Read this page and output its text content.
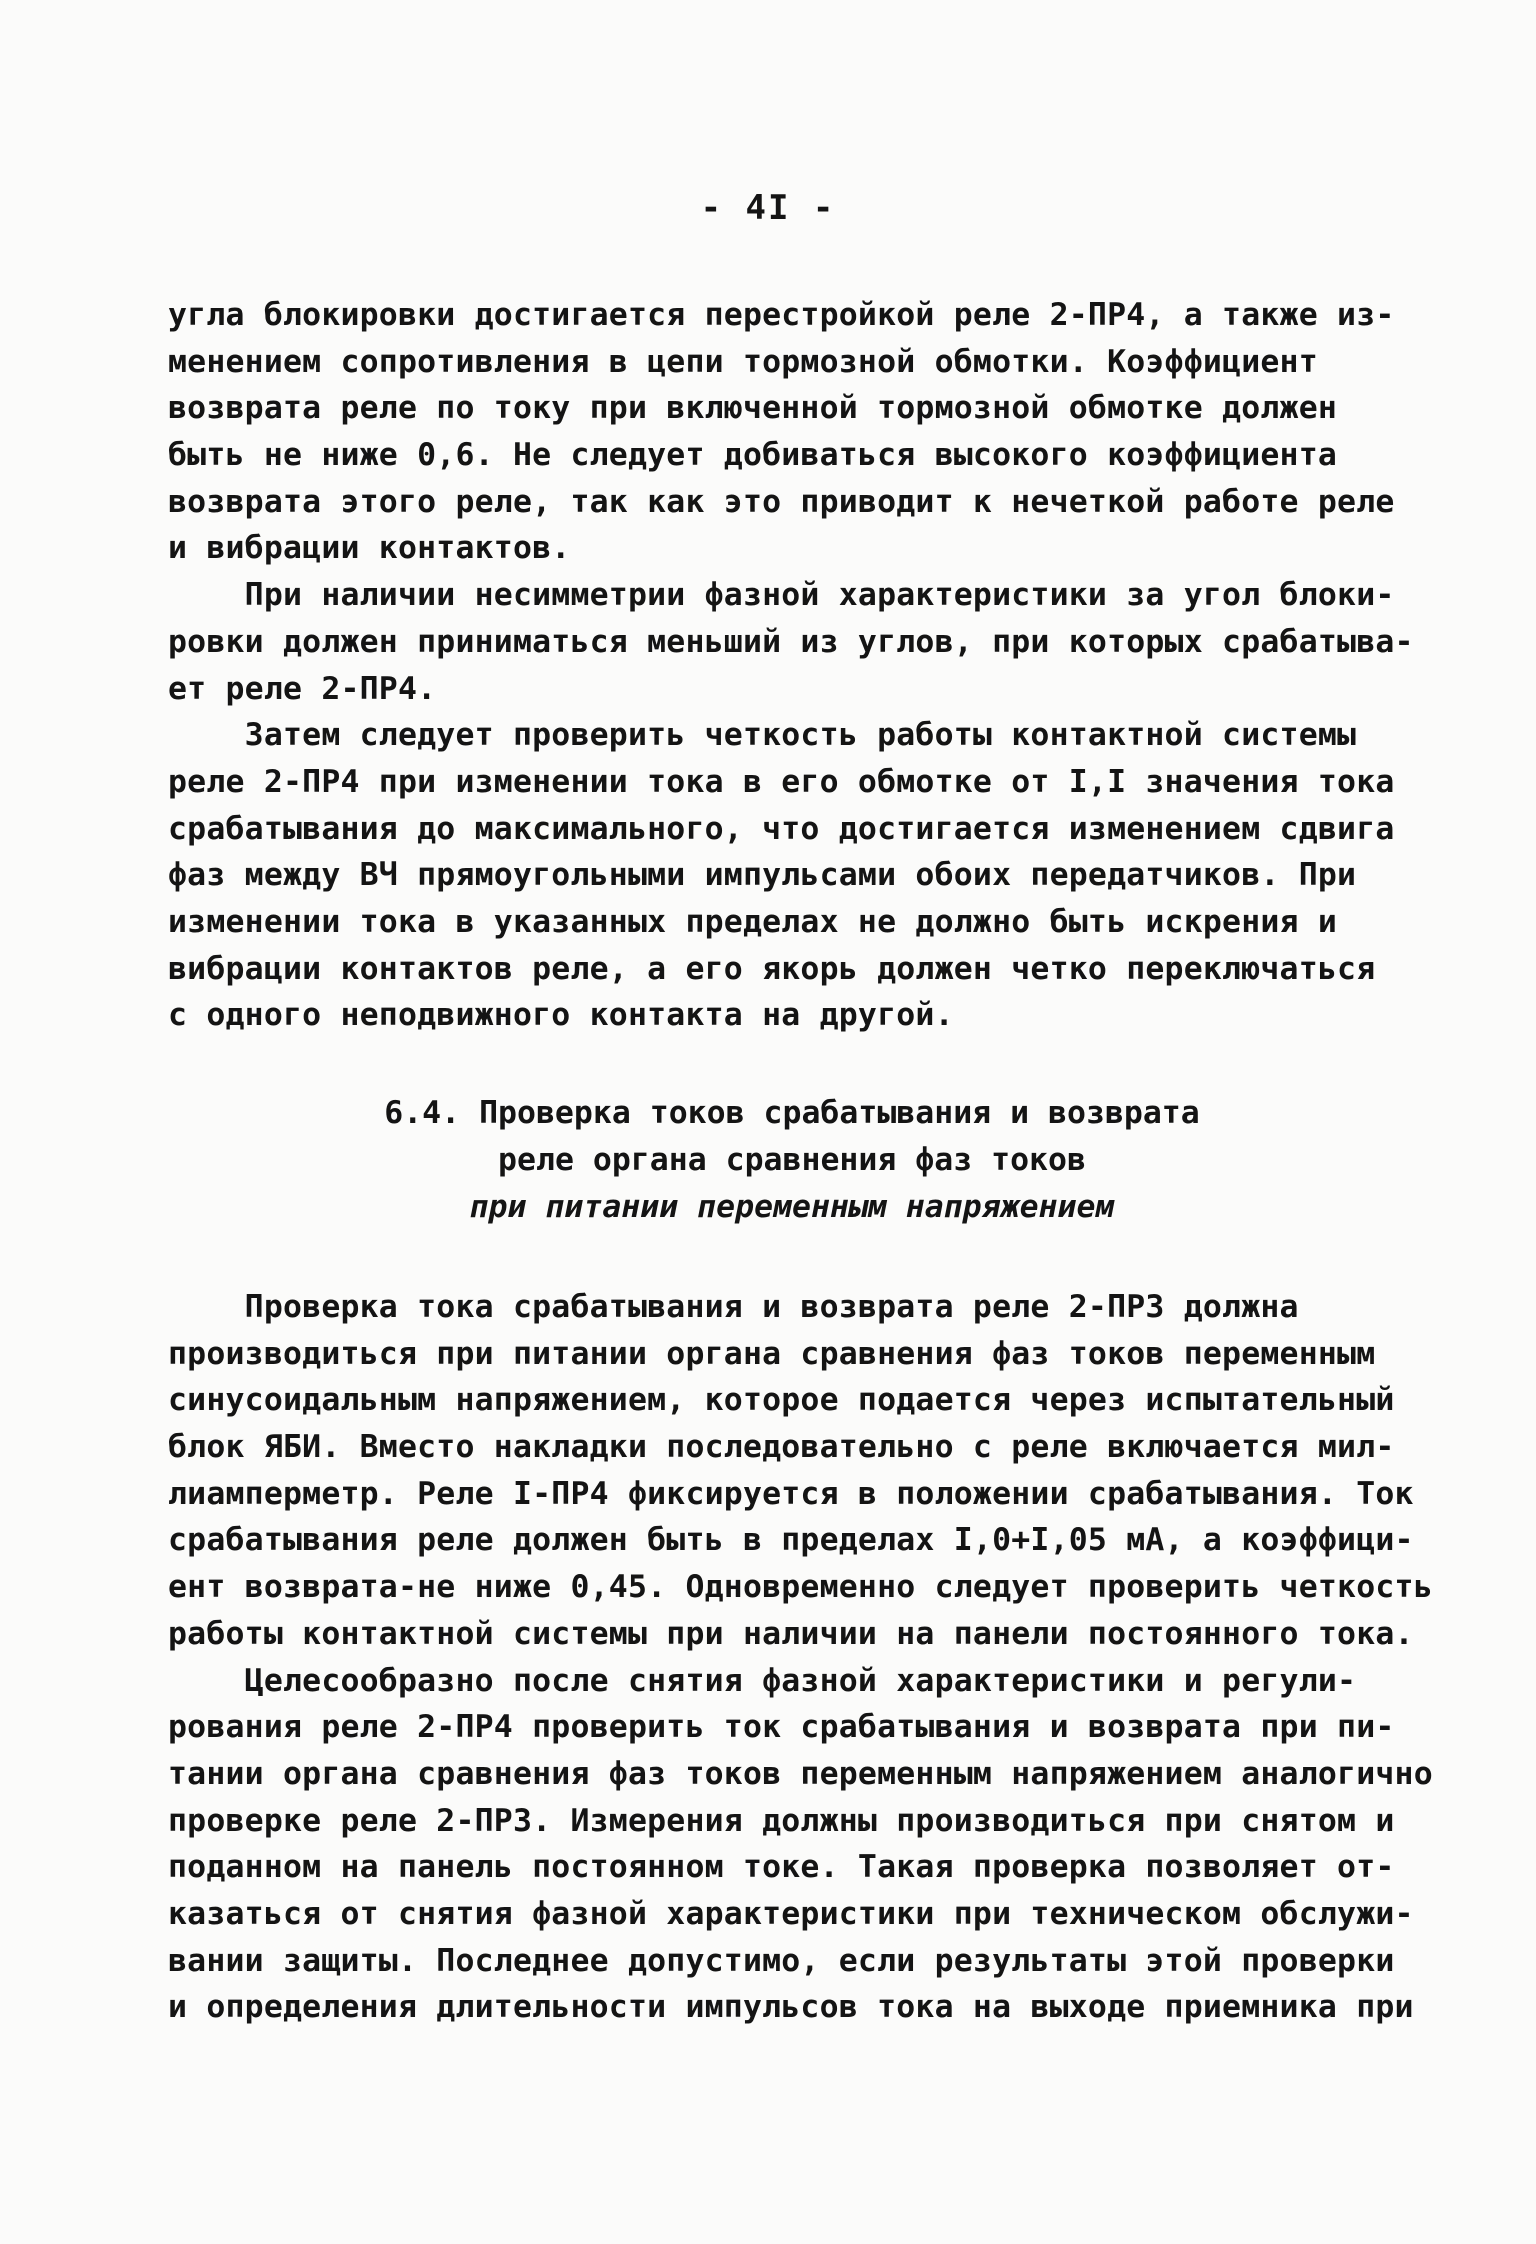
- 4I -
угла блокировки достигается перестройкой реле 2-ПР4, а также из-
менением сопротивления в цепи тормозной обмотки. Коэффициент
возврата реле по току при включенной тормозной обмотке должен
быть не ниже 0,6. Не следует добиваться высокого коэффициента
возврата этого реле, так как это приводит к нечеткой работе реле
и вибрации контактов.
При наличии несимметрии фазной характеристики за угол блоки-
ровки должен приниматься меньший из углов, при которых срабатыва-
ет реле 2-ПР4.
Затем следует проверить четкость работы контактной системы
реле 2-ПР4 при изменении тока в его обмотке от I,I значения тока
срабатывания до максимального, что достигается изменением сдвига
фаз между ВЧ прямоугольными импульсами обоих передатчиков. При
изменении тока в указанных пределах не должно быть искрения и
вибрации контактов реле, а его якорь должен четко переключаться
с одного неподвижного контакта на другой.
6.4. Проверка токов срабатывания и возврата
реле органа сравнения фаз токов
при питании переменным напряжением
Проверка тока срабатывания и возврата реле 2-ПР3 должна
производиться при питании органа сравнения фаз токов переменным
синусоидальным напряжением, которое подается через испытательный
блок ЯБИ. Вместо накладки последовательно с реле включается мил-
лиамперметр. Реле I-ПР4 фиксируется в положении срабатывания. Ток
срабатывания реле должен быть в пределах I,0+I,05 мА, а коэффици-
ент возврата-не ниже 0,45. Одновременно следует проверить четкость
работы контактной системы при наличии на панели постоянного тока.
Целесообразно после снятия фазной характеристики и регули-
рования реле 2-ПР4 проверить ток срабатывания и возврата при пи-
тании органа сравнения фаз токов переменным напряжением аналогично
проверке реле 2-ПР3. Измерения должны производиться при снятом и
поданном на панель постоянном токе. Такая проверка позволяет от-
казаться от снятия фазной характеристики при техническом обслужи-
вании защиты. Последнее допустимо, если результаты этой проверки
и определения длительности импульсов тока на выходе приемника при
